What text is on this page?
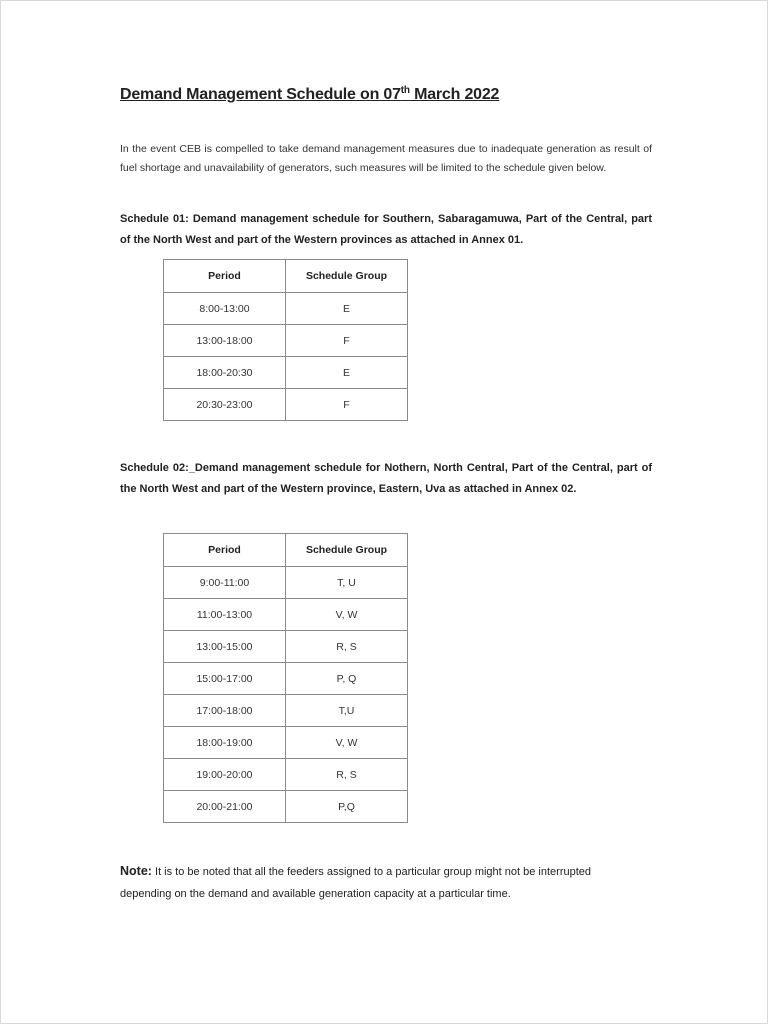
Demand Management Schedule on 07th March 2022
In the event CEB is compelled to take demand management measures due to inadequate generation as result of fuel shortage and unavailability of generators, such measures will be limited to the schedule given below.
Schedule 01: Demand management schedule for Southern, Sabaragamuwa, Part of the Central, part of the North West and part of the Western provinces as attached in Annex 01.
Period	Schedule Group
8:00-13:00	E
13:00-18:00	F
18:00-20:30	E
20:30-23:00	F
Schedule 02:_Demand management schedule for Nothern, North Central, Part of the Central, part of the North West and part of the Western province, Eastern, Uva as attached in Annex 02.
Period	Schedule Group
9:00-11:00	T, U
11:00-13:00	V, W
13:00-15:00	R, S
15:00-17:00	P, Q
17:00-18:00	T,U
18:00-19:00	V, W
19:00-20:00	R, S
20:00-21:00	P,Q
Note: It is to be noted that all the feeders assigned to a particular group might not be interrupted depending on the demand and available generation capacity at a particular time.
